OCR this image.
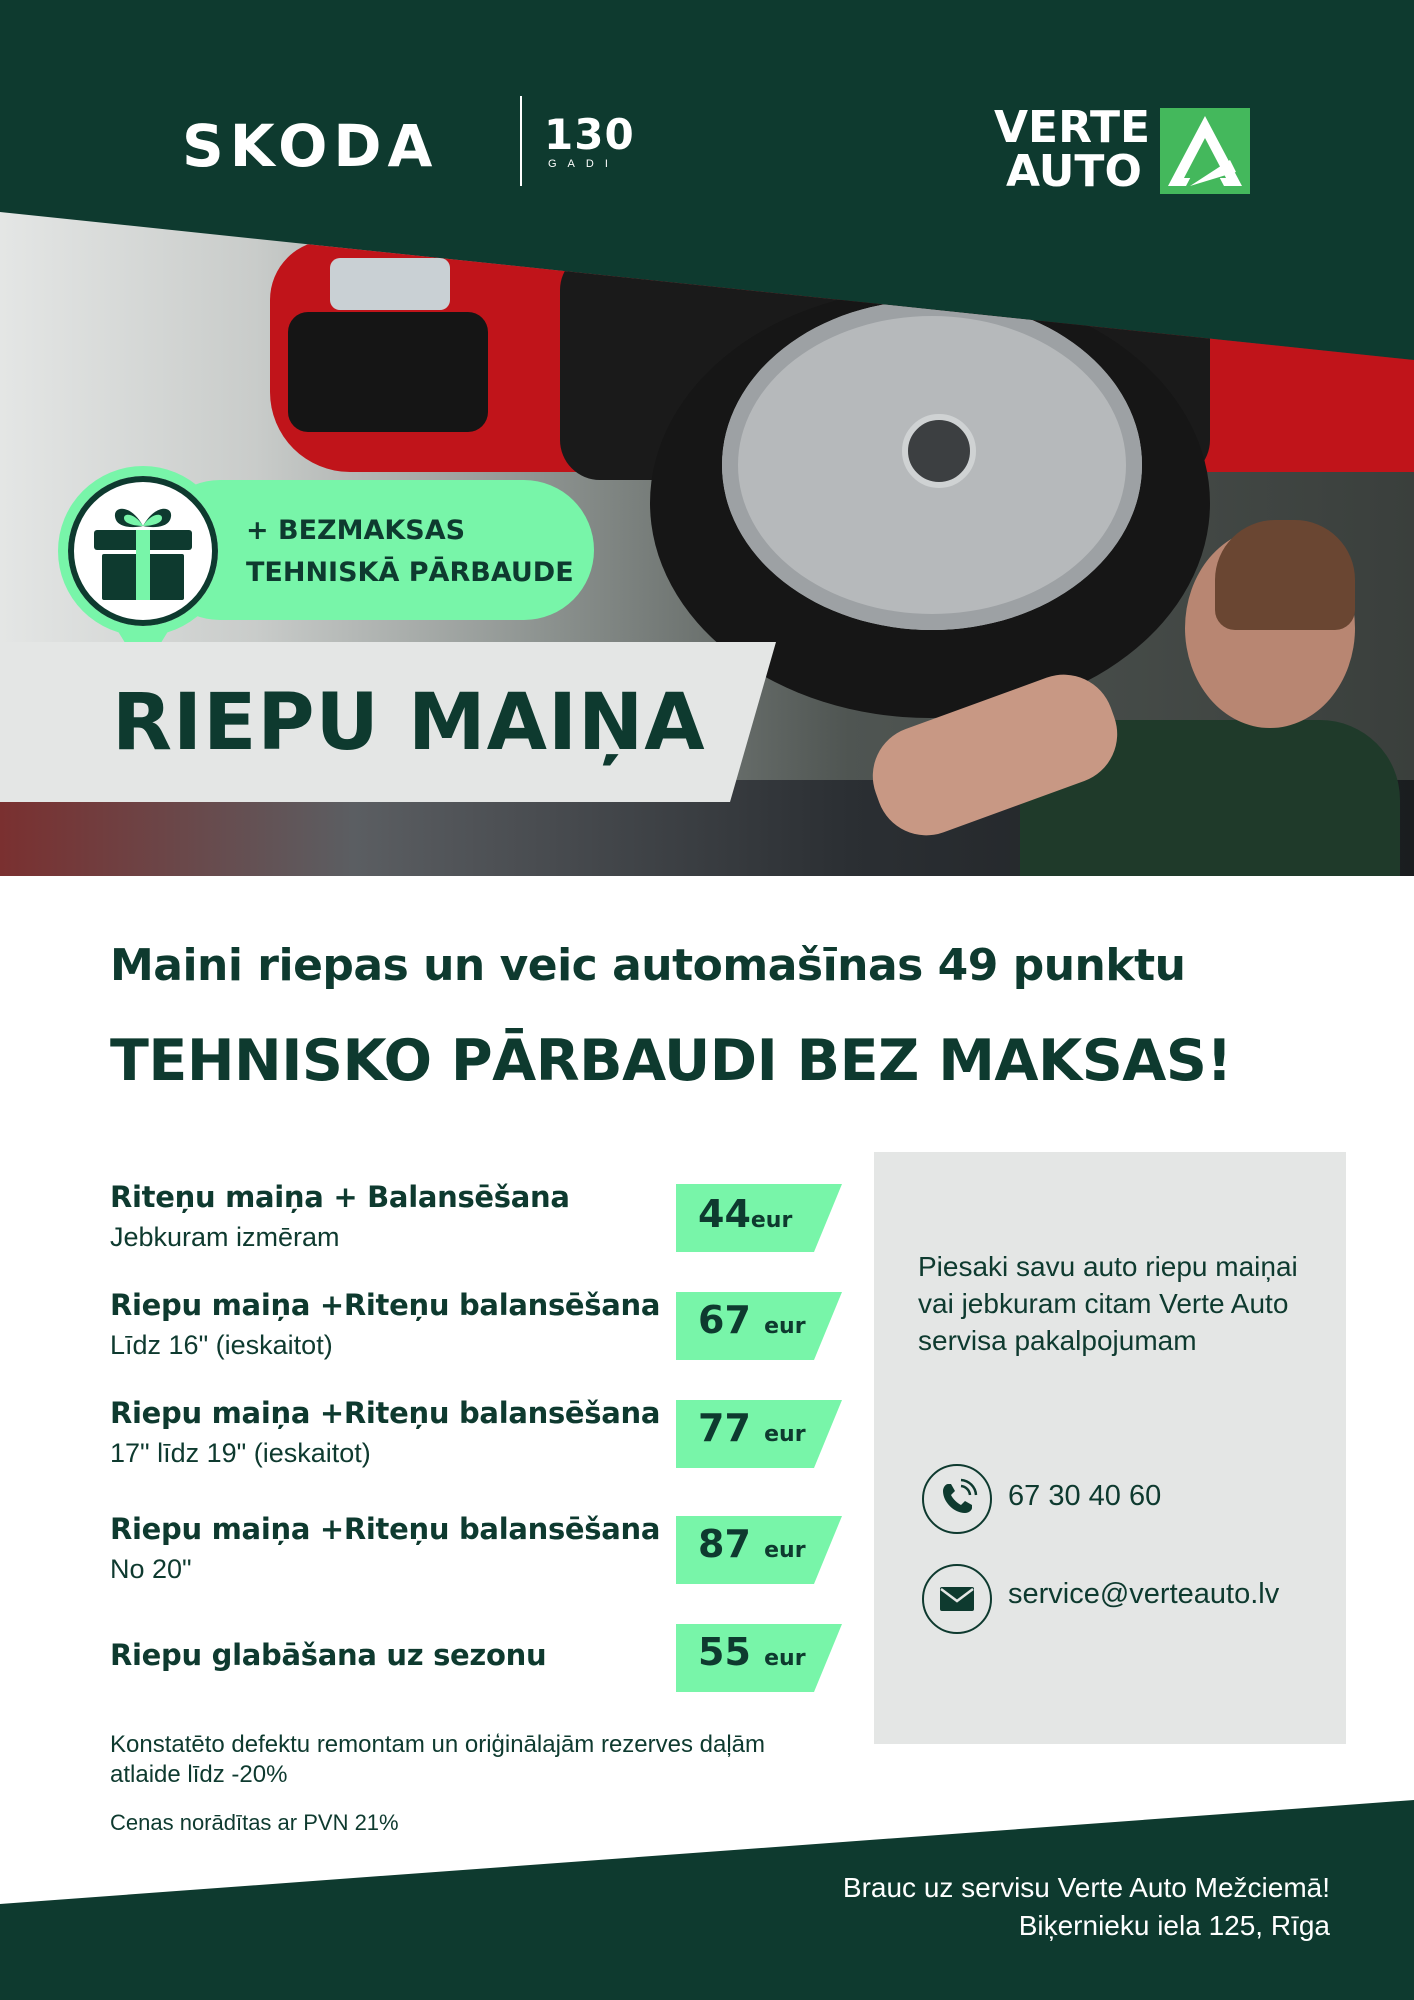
SKODA	130
GADI
VERTE
AUTO
+ BEZMAKSAS
TEHNISKĀ PĀRBAUDE
RIEPU MAIŅA
Maini riepas un veic automašīnas 49 punktu
TEHNISKO PĀRBAUDI BEZ MAKSAS!
Riteņu maiņa + Balansēšana
Jebkuram izmēram
44eur
Riepu maiņa +Riteņu balansēšana
Līdz 16" (ieskaitot)
67 eur
Riepu maiņa +Riteņu balansēšana
17" līdz 19" (ieskaitot)
77 eur
Riepu maiņa +Riteņu balansēšana
No 20"
87 eur
Riepu glabāšana uz sezonu	55 eur
Konstatēto defektu remontam un oriģinālajām rezerves daļām
atlaide līdz -20%
Cenas norādītas ar PVN 21%
Piesaki savu auto riepu maiņai vai jebkuram citam Verte Auto servisa pakalpojumam
67 30 40 60
service@verteauto.lv
Brauc uz servisu Verte Auto Mežciemā!
Biķernieku iela 125, Rīga
